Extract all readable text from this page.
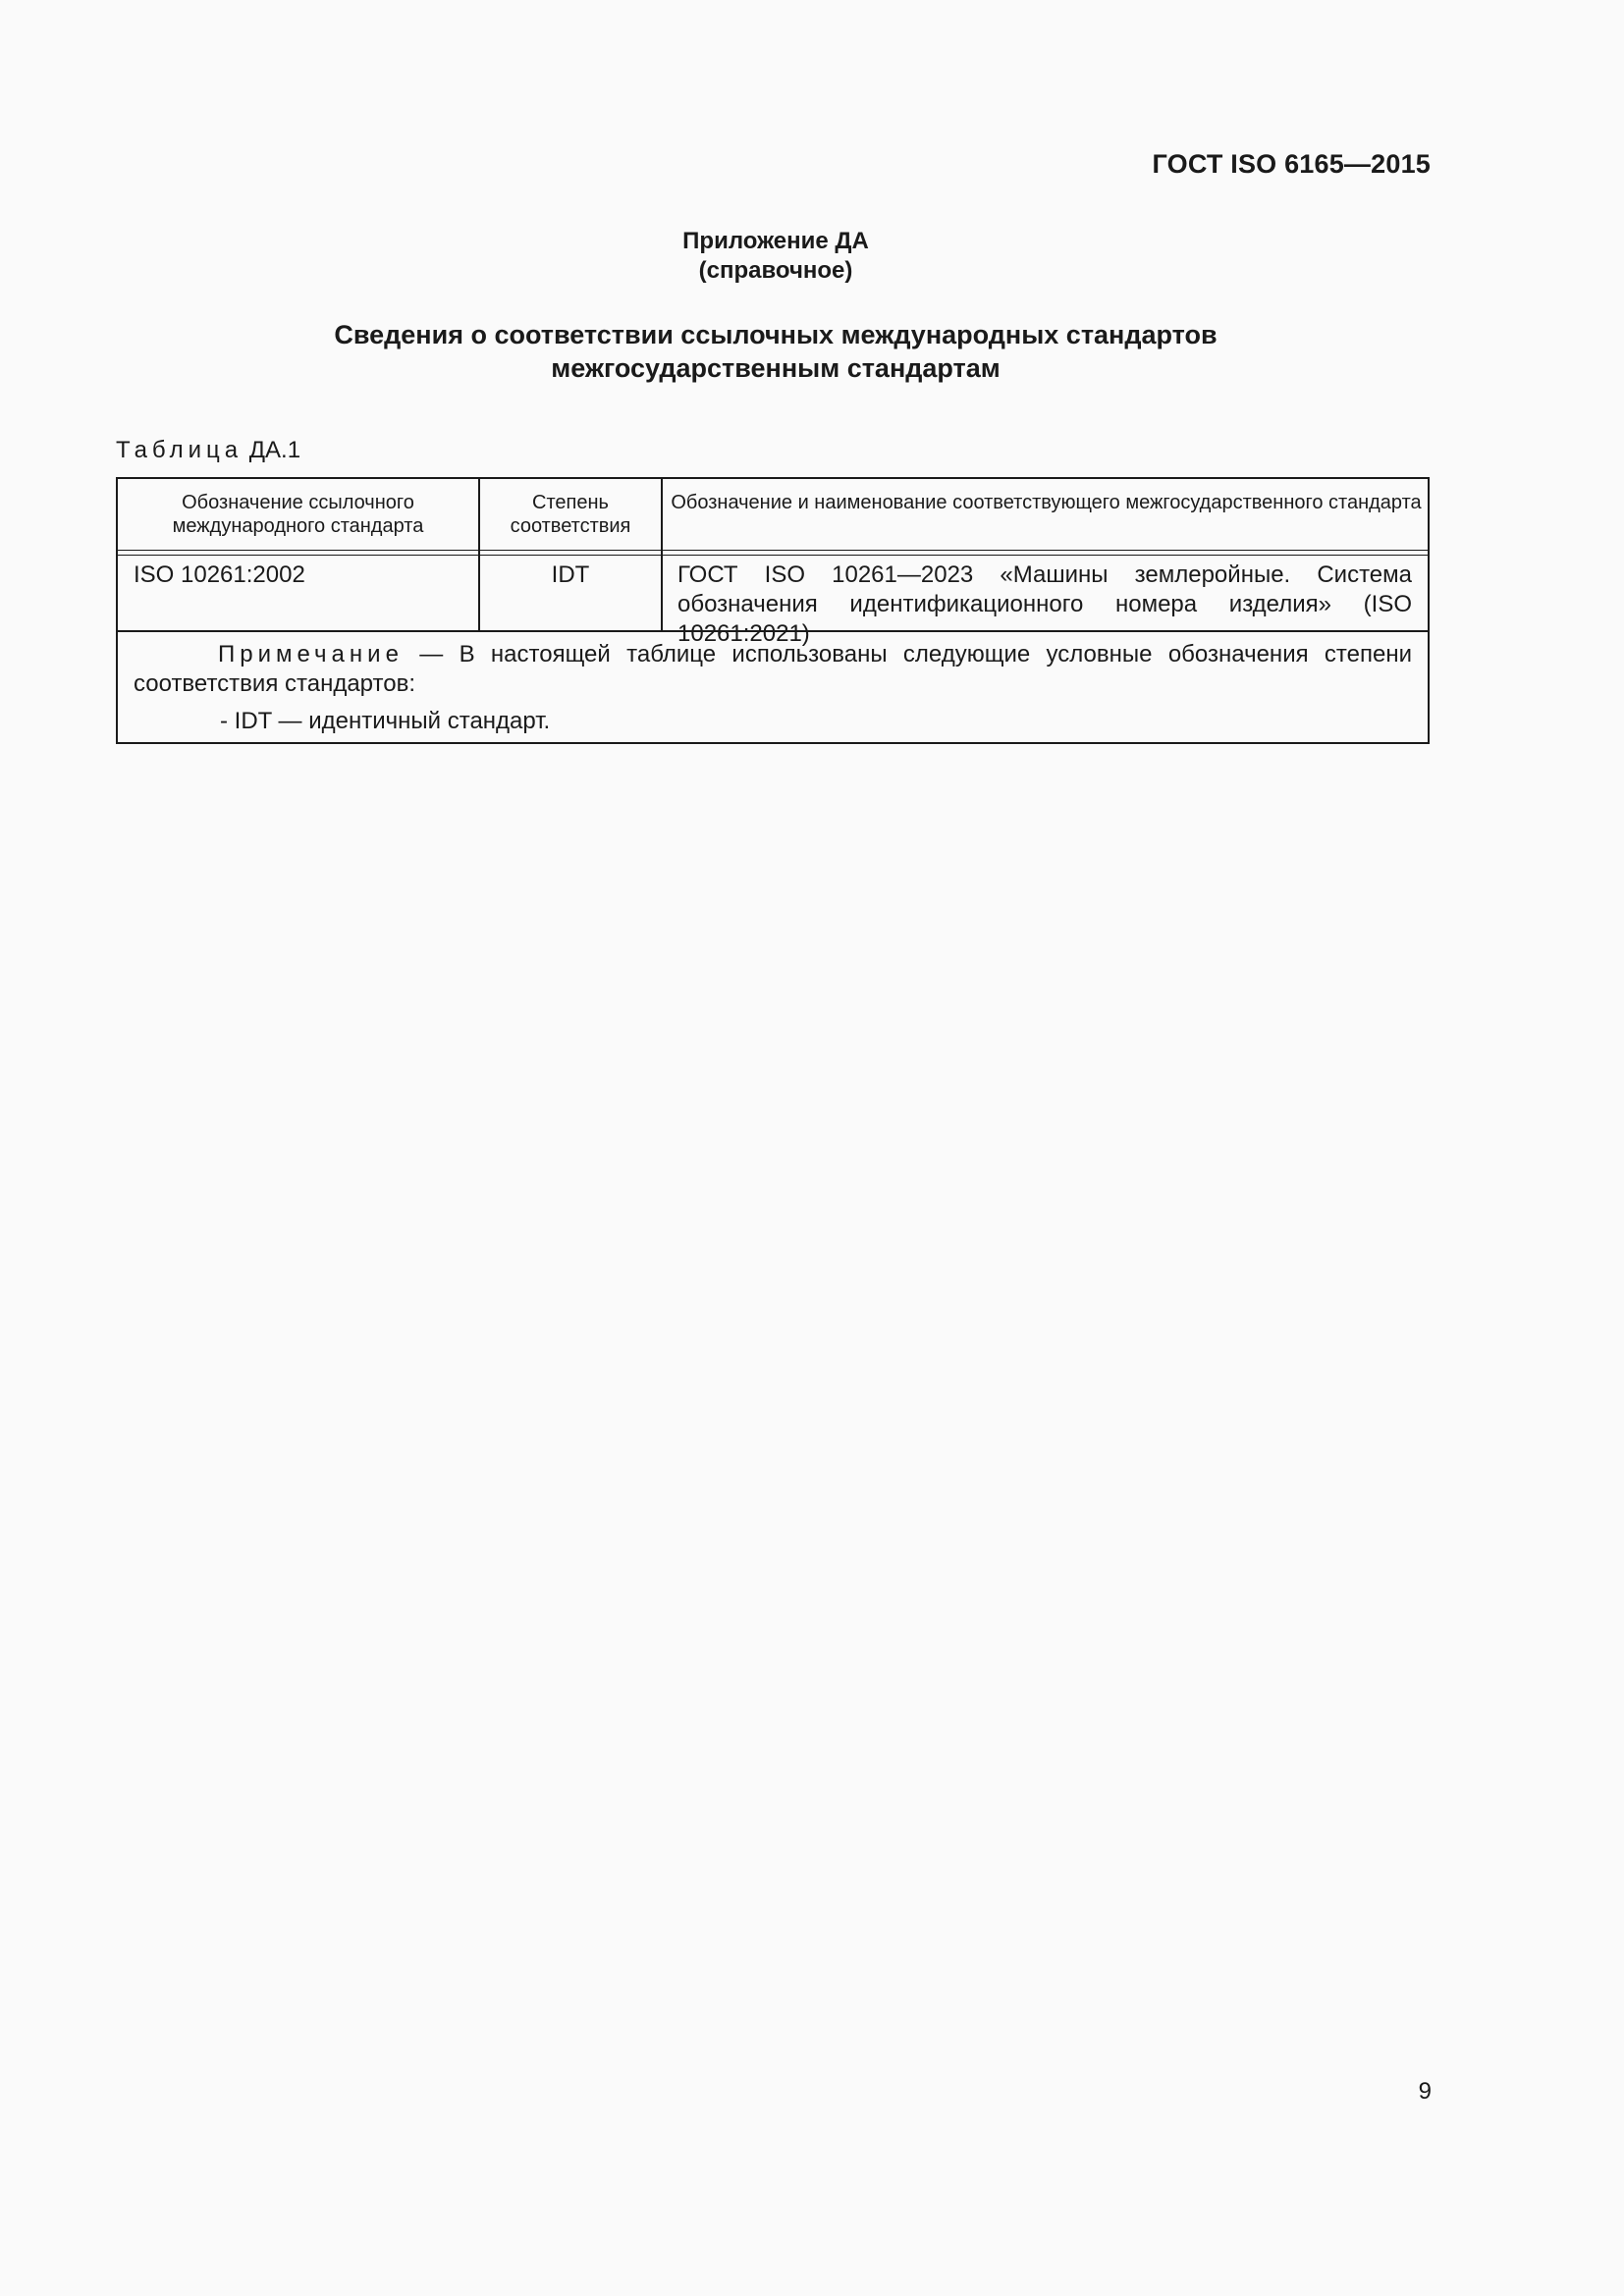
ГОСТ ISO 6165—2015
Приложение ДА
(справочное)
Сведения о соответствии ссылочных международных стандартов
межгосударственным стандартам
Таблица ДА.1
Обозначение ссылочного международного стандарта
Степень соответствия
Обозначение и наименование соответствующего межгосударственного стандарта
ISO 10261:2002	IDT	ГОСТ ISO 10261—2023 «Машины землеройные. Система обозначения идентификационного номера изделия» (ISO 10261:2021)
Примечание — В настоящей таблице использованы следующие условные обозначения степени соответствия стандартов:
- IDT — идентичный стандарт.
9
